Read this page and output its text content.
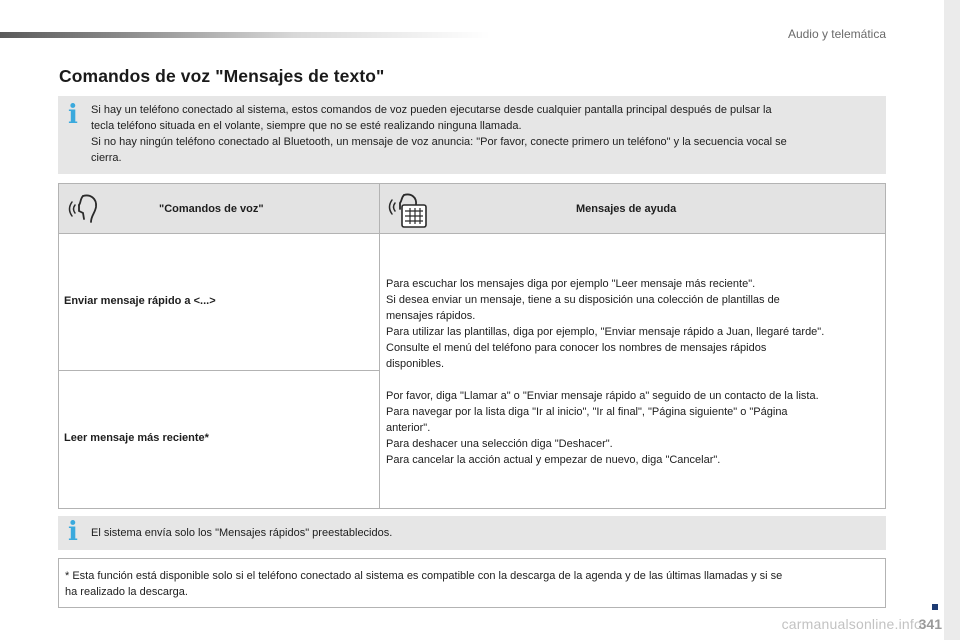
Audio y telemática
Comandos de voz "Mensajes de texto"
i Si hay un teléfono conectado al sistema, estos comandos de voz pueden ejecutarse desde cualquier pantalla principal después de pulsar la
tecla teléfono situada en el volante, siempre que no se esté realizando ninguna llamada.
Si no hay ningún teléfono conectado al Bluetooth, un mensaje de voz anuncia: "Por favor, conecte primero un teléfono" y la secuencia vocal se
cierra.
"Comandos de voz"	Mensajes de ayuda
Enviar mensaje rápido a <...>
Leer mensaje más reciente*
Para escuchar los mensajes diga por ejemplo "Leer mensaje más reciente".
Si desea enviar un mensaje, tiene a su disposición una colección de plantillas de
mensajes rápidos.
Para utilizar las plantillas, diga por ejemplo, "Enviar mensaje rápido a Juan, llegaré tarde".
Consulte el menú del teléfono para conocer los nombres de mensajes rápidos
disponibles.
Por favor, diga "Llamar a" o "Enviar mensaje rápido a" seguido de un contacto de la lista.
Para navegar por la lista diga "Ir al inicio", "Ir al final", "Página siguiente" o "Página
anterior".
Para deshacer una selección diga "Deshacer".
Para cancelar la acción actual y empezar de nuevo, diga "Cancelar".
i El sistema envía solo los "Mensajes rápidos" preestablecidos.
* Esta función está disponible solo si el teléfono conectado al sistema es compatible con la descarga de la agenda y de las últimas llamadas y si se
ha realizado la descarga.
carmanualsonline.info
341
